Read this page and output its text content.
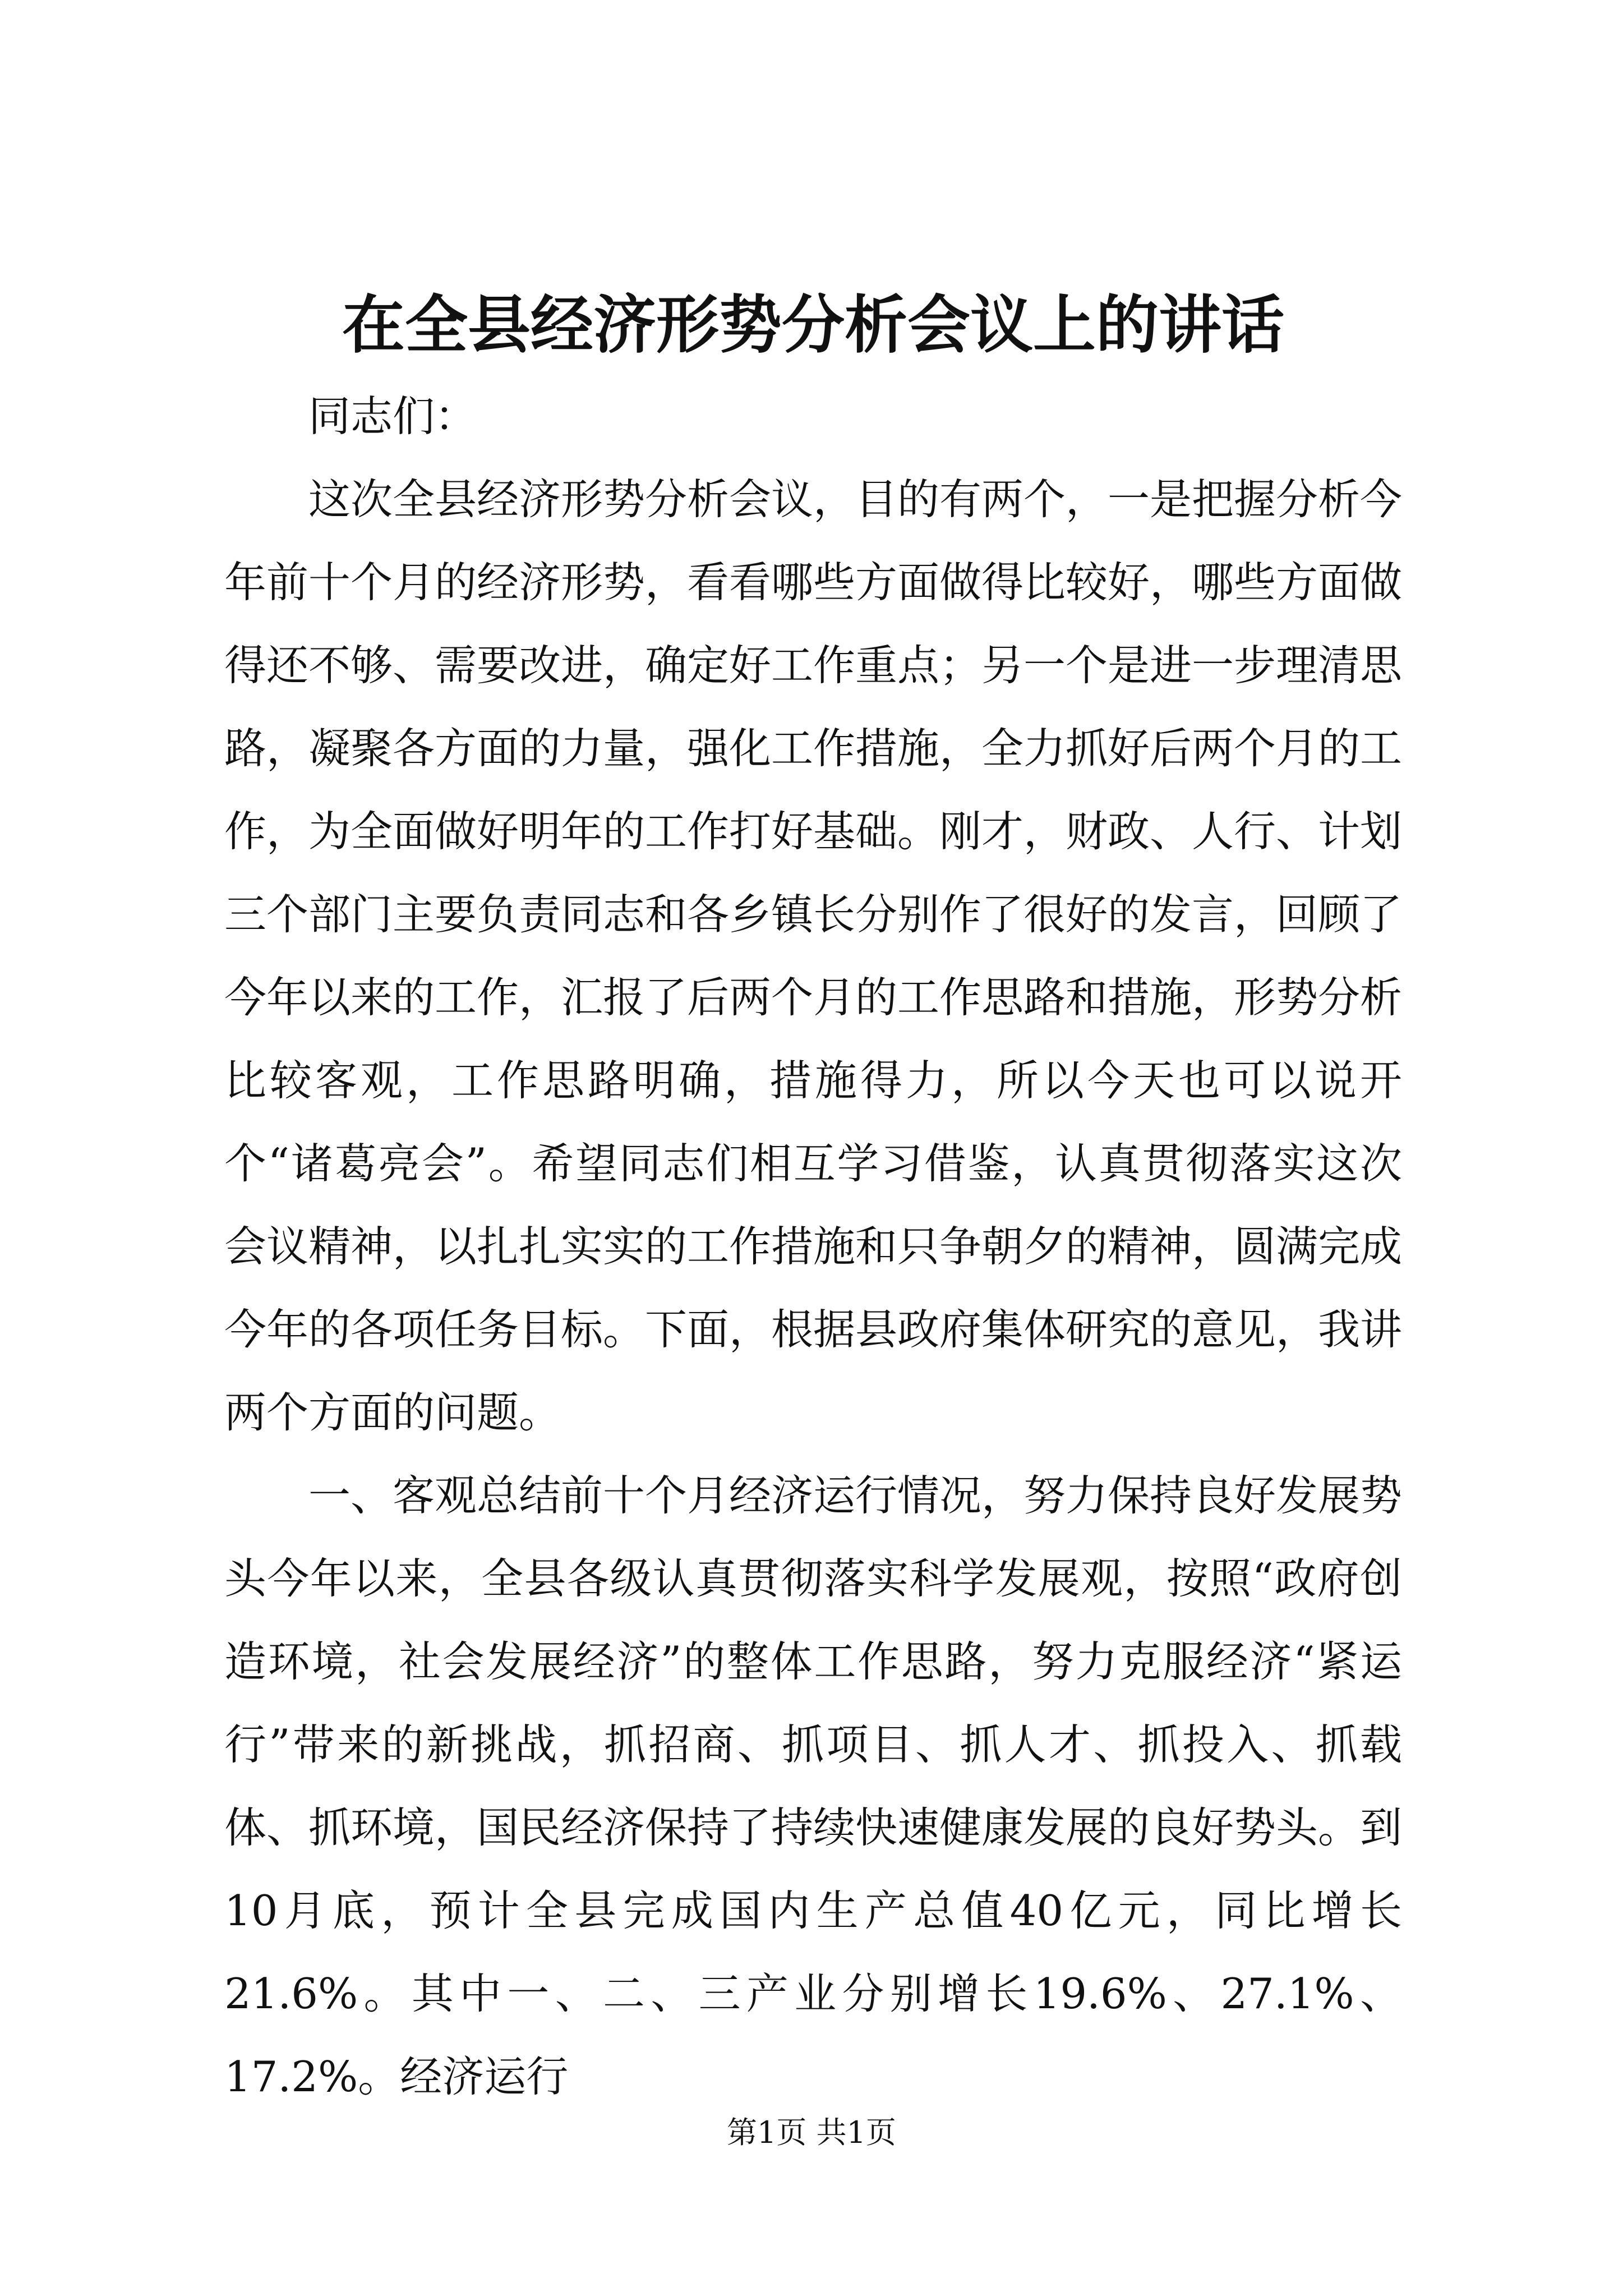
在全县经济形势分析会议上的讲话

同志们：

这次全县经济形势分析会议，目的有两个，一是把握分析今年前十个月的经济形势，看看哪些方面做得比较好，哪些方面做得还不够、需要改进，确定好工作重点；另一个是进一步理清思路，凝聚各方面的力量，强化工作措施，全力抓好后两个月的工作，为全面做好明年的工作打好基础。刚才，财政、人行、计划三个部门主要负责同志和各乡镇长分别作了很好的发言，回顾了今年以来的工作，汇报了后两个月的工作思路和措施，形势分析比较客观，工作思路明确，措施得力，所以今天也可以说开个“诸葛亮会”。希望同志们相互学习借鉴，认真贯彻落实这次会议精神，以扎扎实实的工作措施和只争朝夕的精神，圆满完成今年的各项任务目标。下面，根据县政府集体研究的意见，我讲两个方面的问题。

一、客观总结前十个月经济运行情况，努力保持良好发展势头今年以来，全县各级认真贯彻落实科学发展观，按照“政府创造环境，社会发展经济”的整体工作思路，努力克服经济“紧运行”带来的新挑战，抓招商、抓项目、抓人才、抓投入、抓载体、抓环境，国民经济保持了持续快速健康发展的良好势头。到10月底，预计全县完成国内生产总值40亿元，同比增长21.6%。其中一、二、三产业分别增长19.6%、27.1%、17.2%。经济运行

第1页 共1页
